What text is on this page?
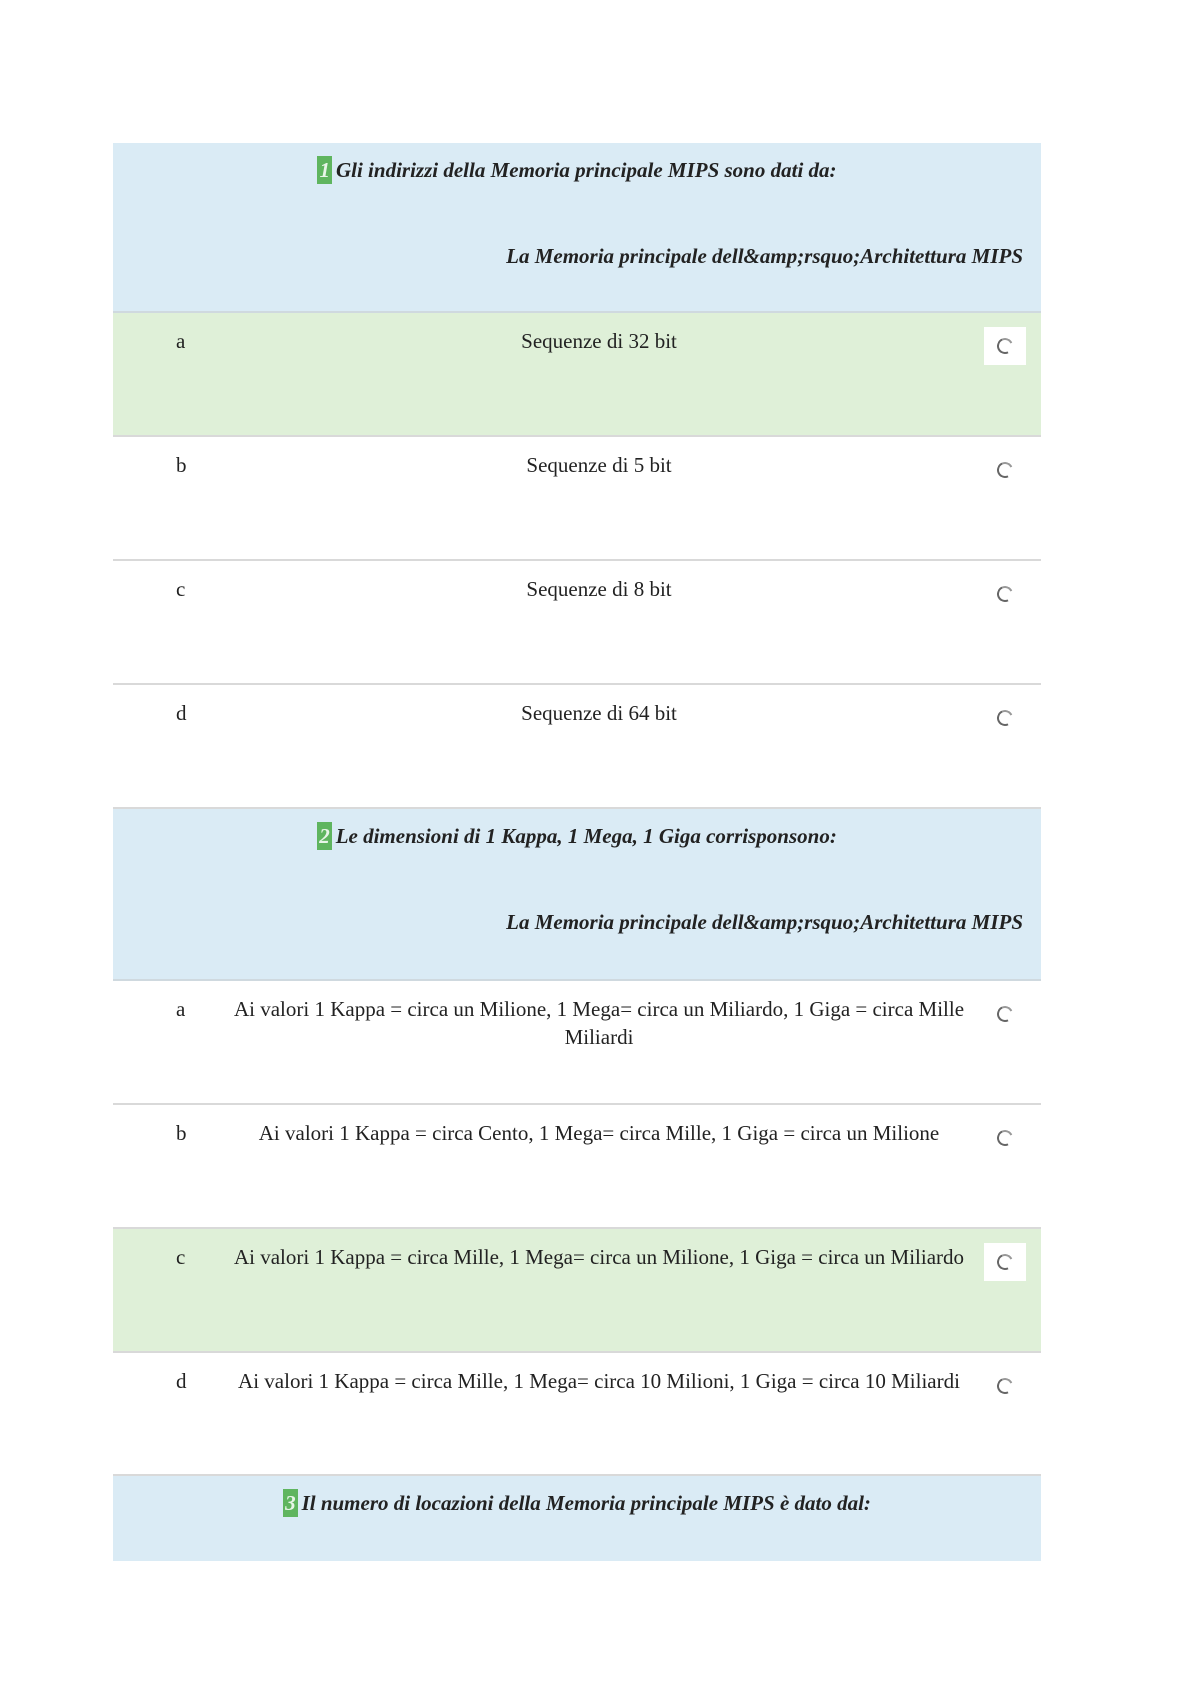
1 Gli indirizzi della Memoria principale MIPS sono dati da:
La Memoria principale dell&amp;rsquo;Architettura MIPS
a	Sequenze di 32 bit
b	Sequenze di 5 bit
c	Sequenze di 8 bit
d	Sequenze di 64 bit
2 Le dimensioni di 1 Kappa, 1 Mega, 1 Giga corrisponsono:
La Memoria principale dell&amp;rsquo;Architettura MIPS
a	Ai valori 1 Kappa = circa un Milione, 1 Mega= circa un Miliardo, 1 Giga = circa Mille Miliardi
b	Ai valori 1 Kappa = circa Cento, 1 Mega= circa Mille, 1 Giga = circa un Milione
c	Ai valori 1 Kappa = circa Mille, 1 Mega= circa un Milione, 1 Giga = circa un Miliardo
d	Ai valori 1 Kappa = circa Mille, 1 Mega= circa 10 Milioni, 1 Giga = circa 10 Miliardi
3 Il numero di locazioni della Memoria principale MIPS è dato dal:
